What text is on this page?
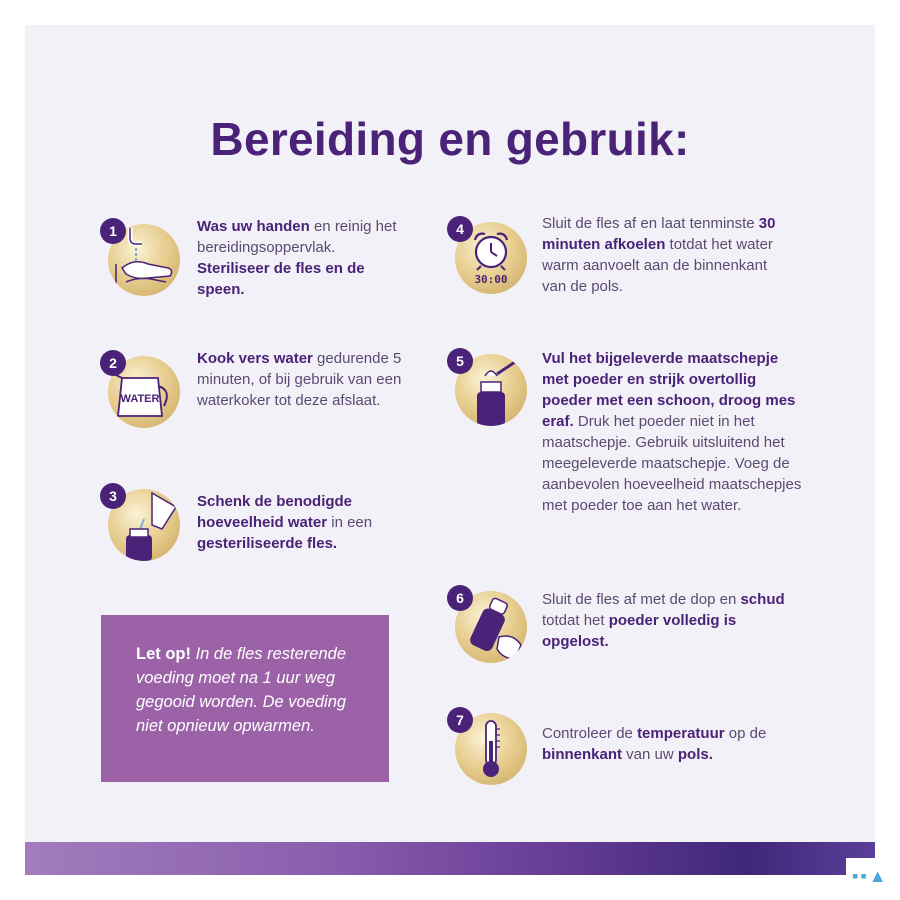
Bereiding en gebruik:
1	Was uw handen en reinig het bereidingsoppervlak. Steriliseer de fles en de speen.
2
WATER
Kook vers water gedurende 5 minuten, of bij gebruik van een waterkoker tot deze afslaat.
3	Schenk de benodigde hoeveelheid water in een gesteriliseerde fles.
4
30:00
Sluit de fles af en laat tenminste 30 minuten afkoelen totdat het water warm aanvoelt aan de binnenkant van de pols.
5	Vul het bijgeleverde maatschepje met poeder en strijk overtollig poeder met een schoon, droog mes eraf. Druk het poeder niet in het maatschepje. Gebruik uitsluitend het meegeleverde maatschepje. Voeg de aanbevolen hoeveelheid maatschepjes met poeder toe aan het water.
6	Sluit de fles af met de dop en schud totdat het poeder volledig is opgelost.
7
Controleer de temperatuur op de binnenkant van uw pols.
Let op! In de fles resterende voeding moet na 1 uur weg gegooid worden. De voeding niet opnieuw opwarmen.
▪▪▲
